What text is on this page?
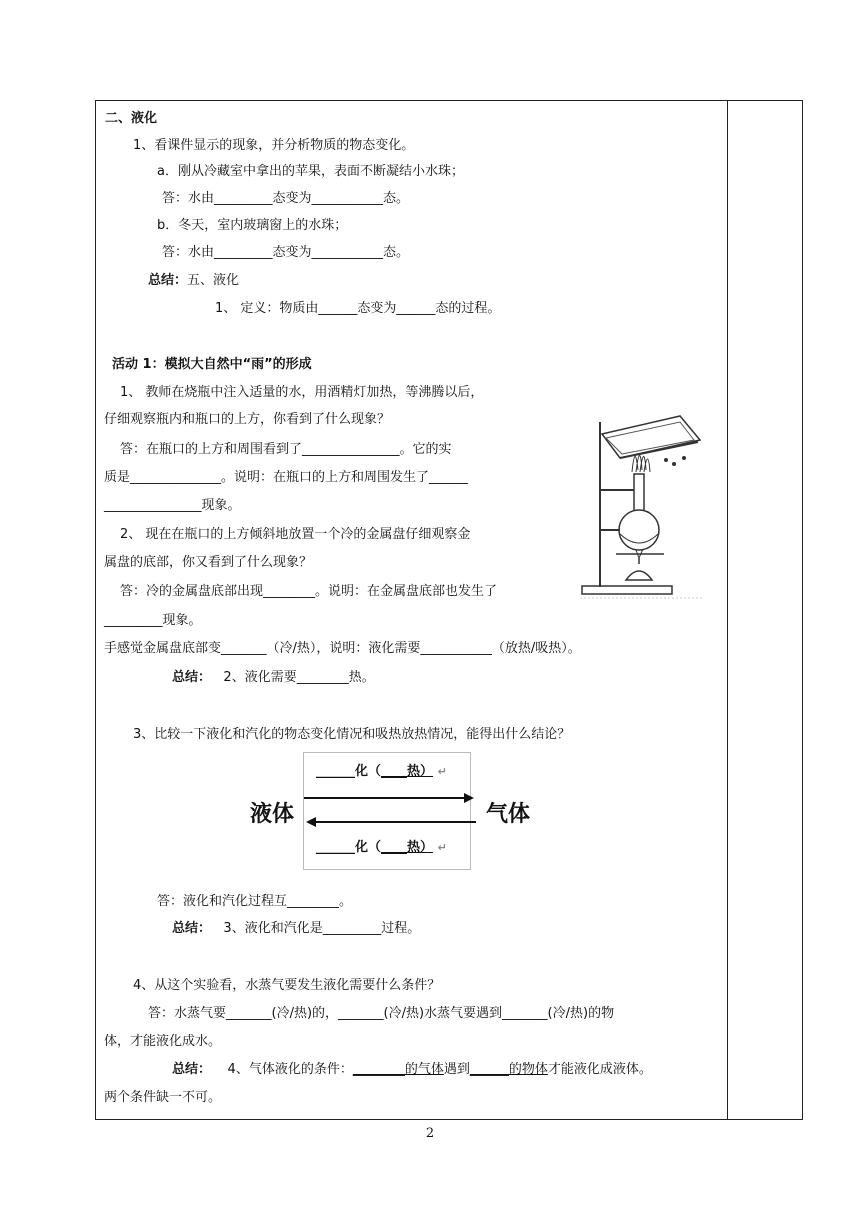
二、液化
1、看课件显示的现象，并分析物质的物态变化。
a．刚从冷藏室中拿出的苹果，表面不断凝结小水珠；
答：水由_________态变为___________态。
b．冬天，室内玻璃窗上的水珠；
答：水由_________态变为___________态。
总结：五、液化
1、 定义：物质由______态变为______态的过程。
活动 1：模拟大自然中“雨”的形成
1、 教师在烧瓶中注入适量的水，用酒精灯加热，等沸腾以后，
仔细观察瓶内和瓶口的上方，你看到了什么现象？
答：在瓶口的上方和周围看到了_______________。它的实
质是______________。说明：在瓶口的上方和周围发生了______
_______________现象。
2、 现在在瓶口的上方倾斜地放置一个冷的金属盘仔细观察金
属盘的底部，你又看到了什么现象？
答：冷的金属盘底部出现________。说明：在金属盘底部也发生了
_________现象。
手感觉金属盘底部变_______（冷/热），说明：液化需要___________（放热/吸热）。
总结： 2、液化需要________热。
3、比较一下液化和汽化的物态变化情况和吸热放热情况，能得出什么结论？
______化（____热） ↵
液体	气体
______化（____热） ↵
答：液化和汽化过程互________。
总结： 3、液化和汽化是_________过程。
4、从这个实验看，水蒸气要发生液化需要什么条件？
答：水蒸气要_______(冷/热)的，_______(冷/热)水蒸气要遇到_______(冷/热)的物
体，才能液化成水。
总结： 4、气体液化的条件：________的气体遇到______的物体才能液化成液体。
两个条件缺一不可。
2
